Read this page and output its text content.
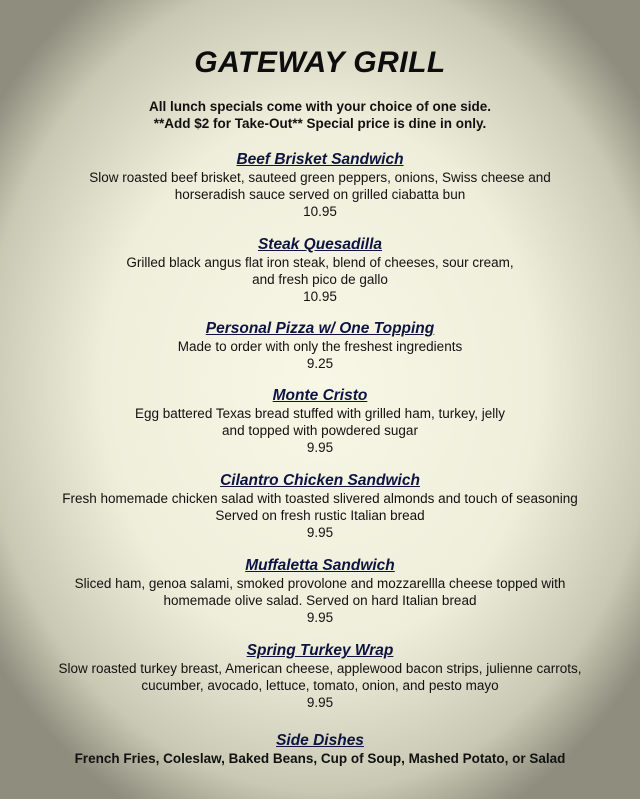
GATEWAY GRILL
All lunch specials come with your choice of one side.
**Add $2 for Take-Out** Special price is dine in only.
Beef Brisket Sandwich
Slow roasted beef brisket, sauteed green peppers, onions, Swiss cheese and
horseradish sauce served on grilled ciabatta bun
10.95
Steak Quesadilla
Grilled black angus flat iron steak, blend of cheeses, sour cream,
and fresh pico de gallo
10.95
Personal Pizza w/ One Topping
Made to order with only the freshest ingredients
9.25
Monte Cristo
Egg battered Texas bread stuffed with grilled ham, turkey, jelly
and topped with powdered sugar
9.95
Cilantro Chicken Sandwich
Fresh homemade chicken salad with toasted slivered almonds and touch of seasoning
Served on fresh rustic Italian bread
9.95
Muffaletta Sandwich
Sliced ham, genoa salami, smoked provolone and mozzarellla cheese topped with
homemade olive salad. Served on hard Italian bread
9.95
Spring Turkey Wrap
Slow roasted turkey breast, American cheese, applewood bacon strips, julienne carrots,
cucumber, avocado, lettuce, tomato, onion, and pesto mayo
9.95
Side Dishes
French Fries, Coleslaw, Baked Beans, Cup of Soup, Mashed Potato, or Salad
